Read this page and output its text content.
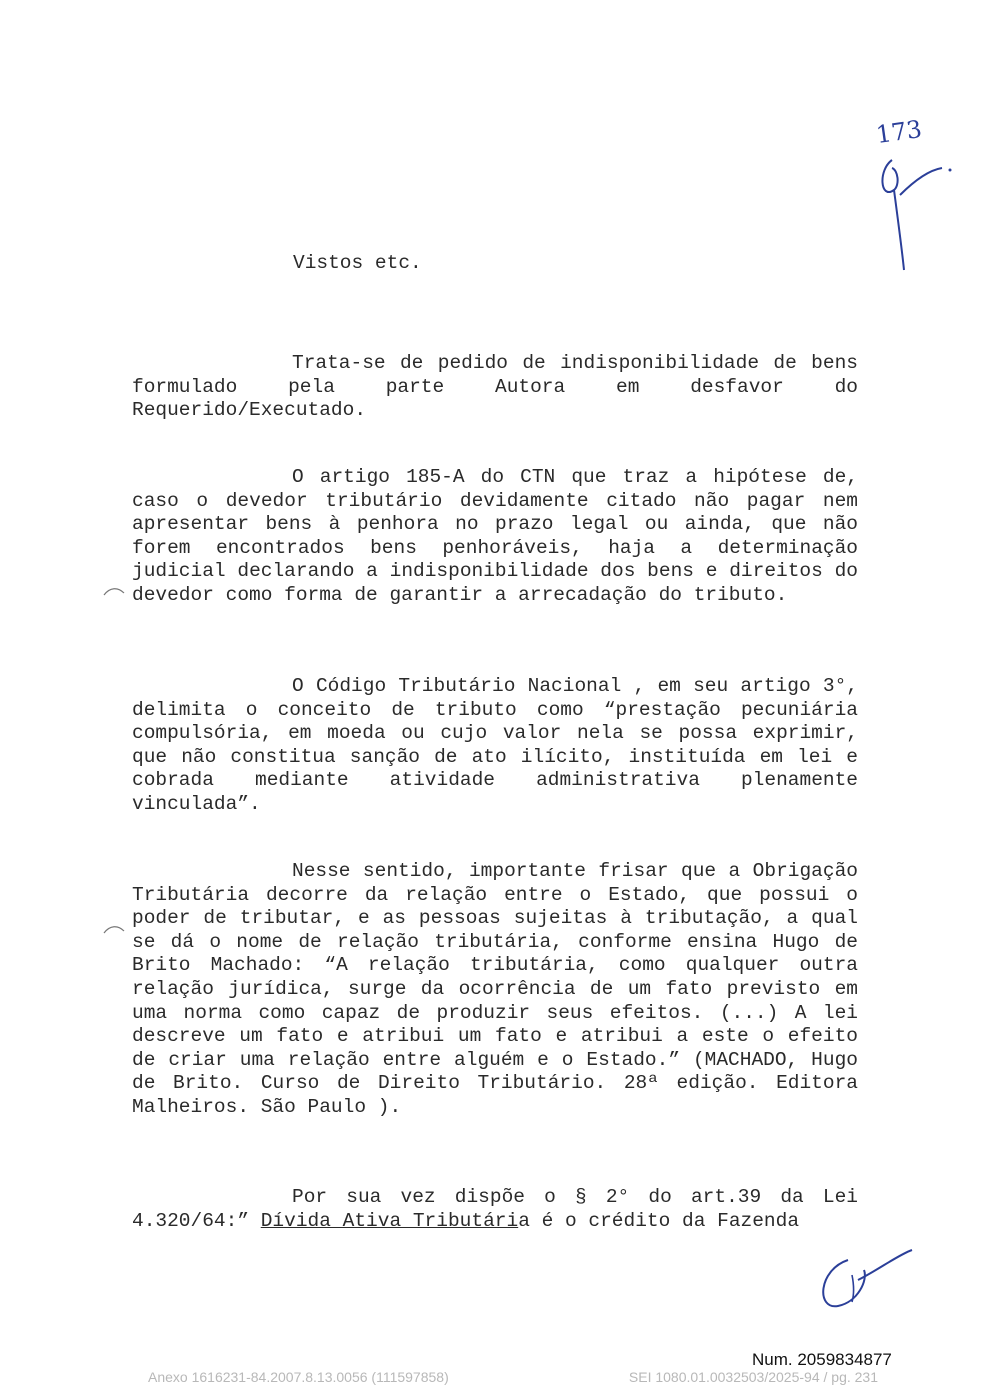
173
Vistos etc.

Trata-se de pedido de indisponibilidade de bens formulado pela parte Autora em desfavor do Requerido/Executado.

O artigo 185-A do CTN que traz a hipótese de, caso o devedor tributário devidamente citado não pagar nem apresentar bens à penhora no prazo legal ou ainda, que não forem encontrados bens penhoráveis, haja a determinação judicial declarando a indisponibilidade dos bens e direitos do devedor como forma de garantir a arrecadação do tributo.

O Código Tributário Nacional , em seu artigo 3°, delimita o conceito de tributo como “prestação pecuniária compulsória, em moeda ou cujo valor nela se possa exprimir, que não constitua sanção de ato ilícito, instituída em lei e cobrada mediante atividade administrativa plenamente vinculada”.

Nesse sentido, importante frisar que a Obrigação Tributária decorre da relação entre o Estado, que possui o poder de tributar, e as pessoas sujeitas à tributação, a qual se dá o nome de relação tributária, conforme ensina Hugo de Brito Machado: “A relação tributária, como qualquer outra relação jurídica, surge da ocorrência de um fato previsto em uma norma como capaz de produzir seus efeitos. (...) A lei descreve um fato e atribui um fato e atribui a este o efeito de criar uma relação entre alguém e o Estado.” (MACHADO, Hugo de Brito. Curso de Direito Tributário. 28ª edição. Editora Malheiros. São Paulo ).

Por sua vez dispõe o § 2° do art.39 da Lei 4.320/64:” Dívida Ativa Tributária é o crédito da Fazenda

Num. 2059834877
Anexo 1616231-84.2007.8.13.0056 (111597858)	SEI 1080.01.0032503/2025-94 / pg. 231
